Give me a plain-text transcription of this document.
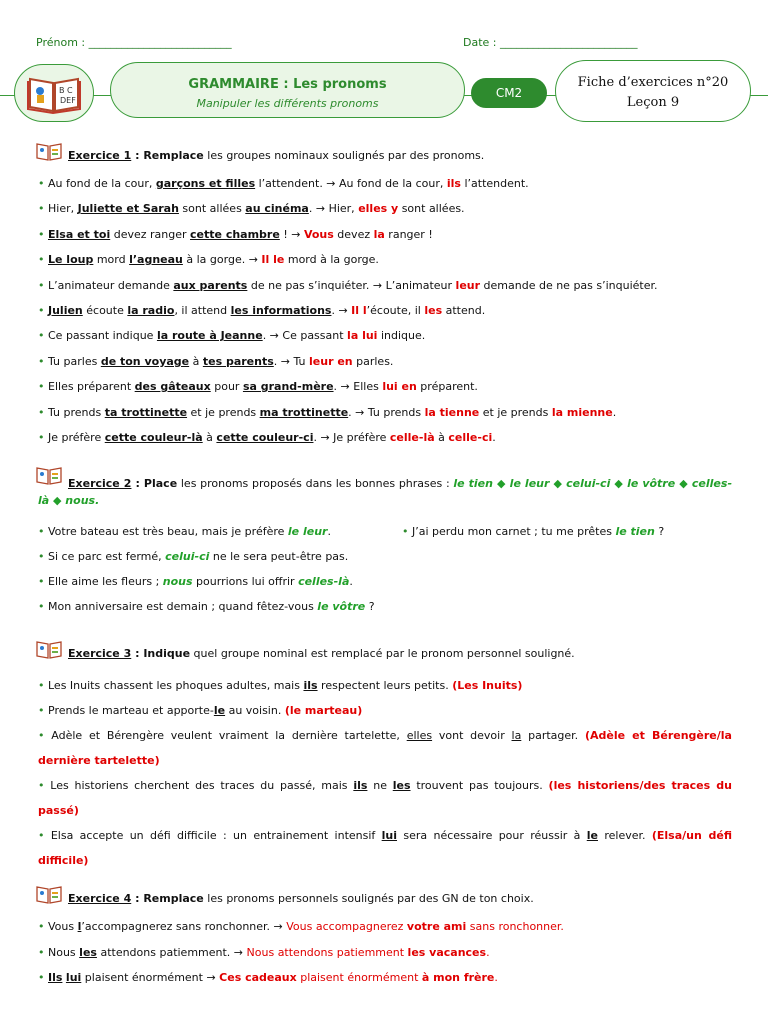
Prénom : __________________________	Date : _________________________
B C
DEF
GRAMMAIRE : Les pronoms
Manipuler les différents pronoms
CM2
Fiche d’exercices n°20
Leçon 9
Exercice 1 : Remplace les groupes nominaux soulignés par des pronoms.
• Au fond de la cour, garçons et filles l’attendent. → Au fond de la cour, ils l’attendent.
• Hier, Juliette et Sarah sont allées au cinéma. → Hier, elles y sont allées.
• Elsa et toi devez ranger cette chambre ! → Vous devez la ranger !
• Le loup mord l’agneau à la gorge. → Il le mord à la gorge.
• L’animateur demande aux parents de ne pas s’inquiéter. → L’animateur leur demande de ne pas s’inquiéter.
• Julien écoute la radio, il attend les informations. → Il l’écoute, il les attend.
• Ce passant indique la route à Jeanne. → Ce passant la lui indique.
• Tu parles de ton voyage à tes parents. → Tu leur en parles.
• Elles préparent des gâteaux pour sa grand-mère. → Elles lui en préparent.
• Tu prends ta trottinette et je prends ma trottinette. → Tu prends la tienne et je prends la mienne.
• Je préfère cette couleur-là à cette couleur-ci. → Je préfère celle-là à celle-ci.
Exercice 2 : Place les pronoms proposés dans les bonnes phrases : le tien ◆ le leur ◆ celui-ci ◆ le vôtre ◆ celles-là ◆ nous.
• Votre bateau est très beau, mais je préfère le leur.	• J’ai perdu mon carnet ; tu me prêtes le tien ?
• Si ce parc est fermé, celui-ci ne le sera peut-être pas.
• Elle aime les fleurs ; nous pourrions lui offrir celles-là.
• Mon anniversaire est demain ; quand fêtez-vous le vôtre ?
Exercice 3 : Indique quel groupe nominal est remplacé par le pronom personnel souligné.
• Les Inuits chassent les phoques adultes, mais ils respectent leurs petits. (Les Inuits)
• Prends le marteau et apporte-le au voisin. (le marteau)
• Adèle et Bérengère veulent vraiment la dernière tartelette, elles vont devoir la partager. (Adèle et Bérengère/la dernière tartelette)
• Les historiens cherchent des traces du passé, mais ils ne les trouvent pas toujours. (les historiens/des traces du passé)
• Elsa accepte un défi difficile : un entrainement intensif lui sera nécessaire pour réussir à le relever. (Elsa/un défi difficile)
Exercice 4 : Remplace les pronoms personnels soulignés par des GN de ton choix.
• Vous l’accompagnerez sans ronchonner. → Vous accompagnerez votre ami sans ronchonner.
• Nous les attendons patiemment. → Nous attendons patiemment les vacances.
• Ils lui plaisent énormément → Ces cadeaux plaisent énormément à mon frère.
